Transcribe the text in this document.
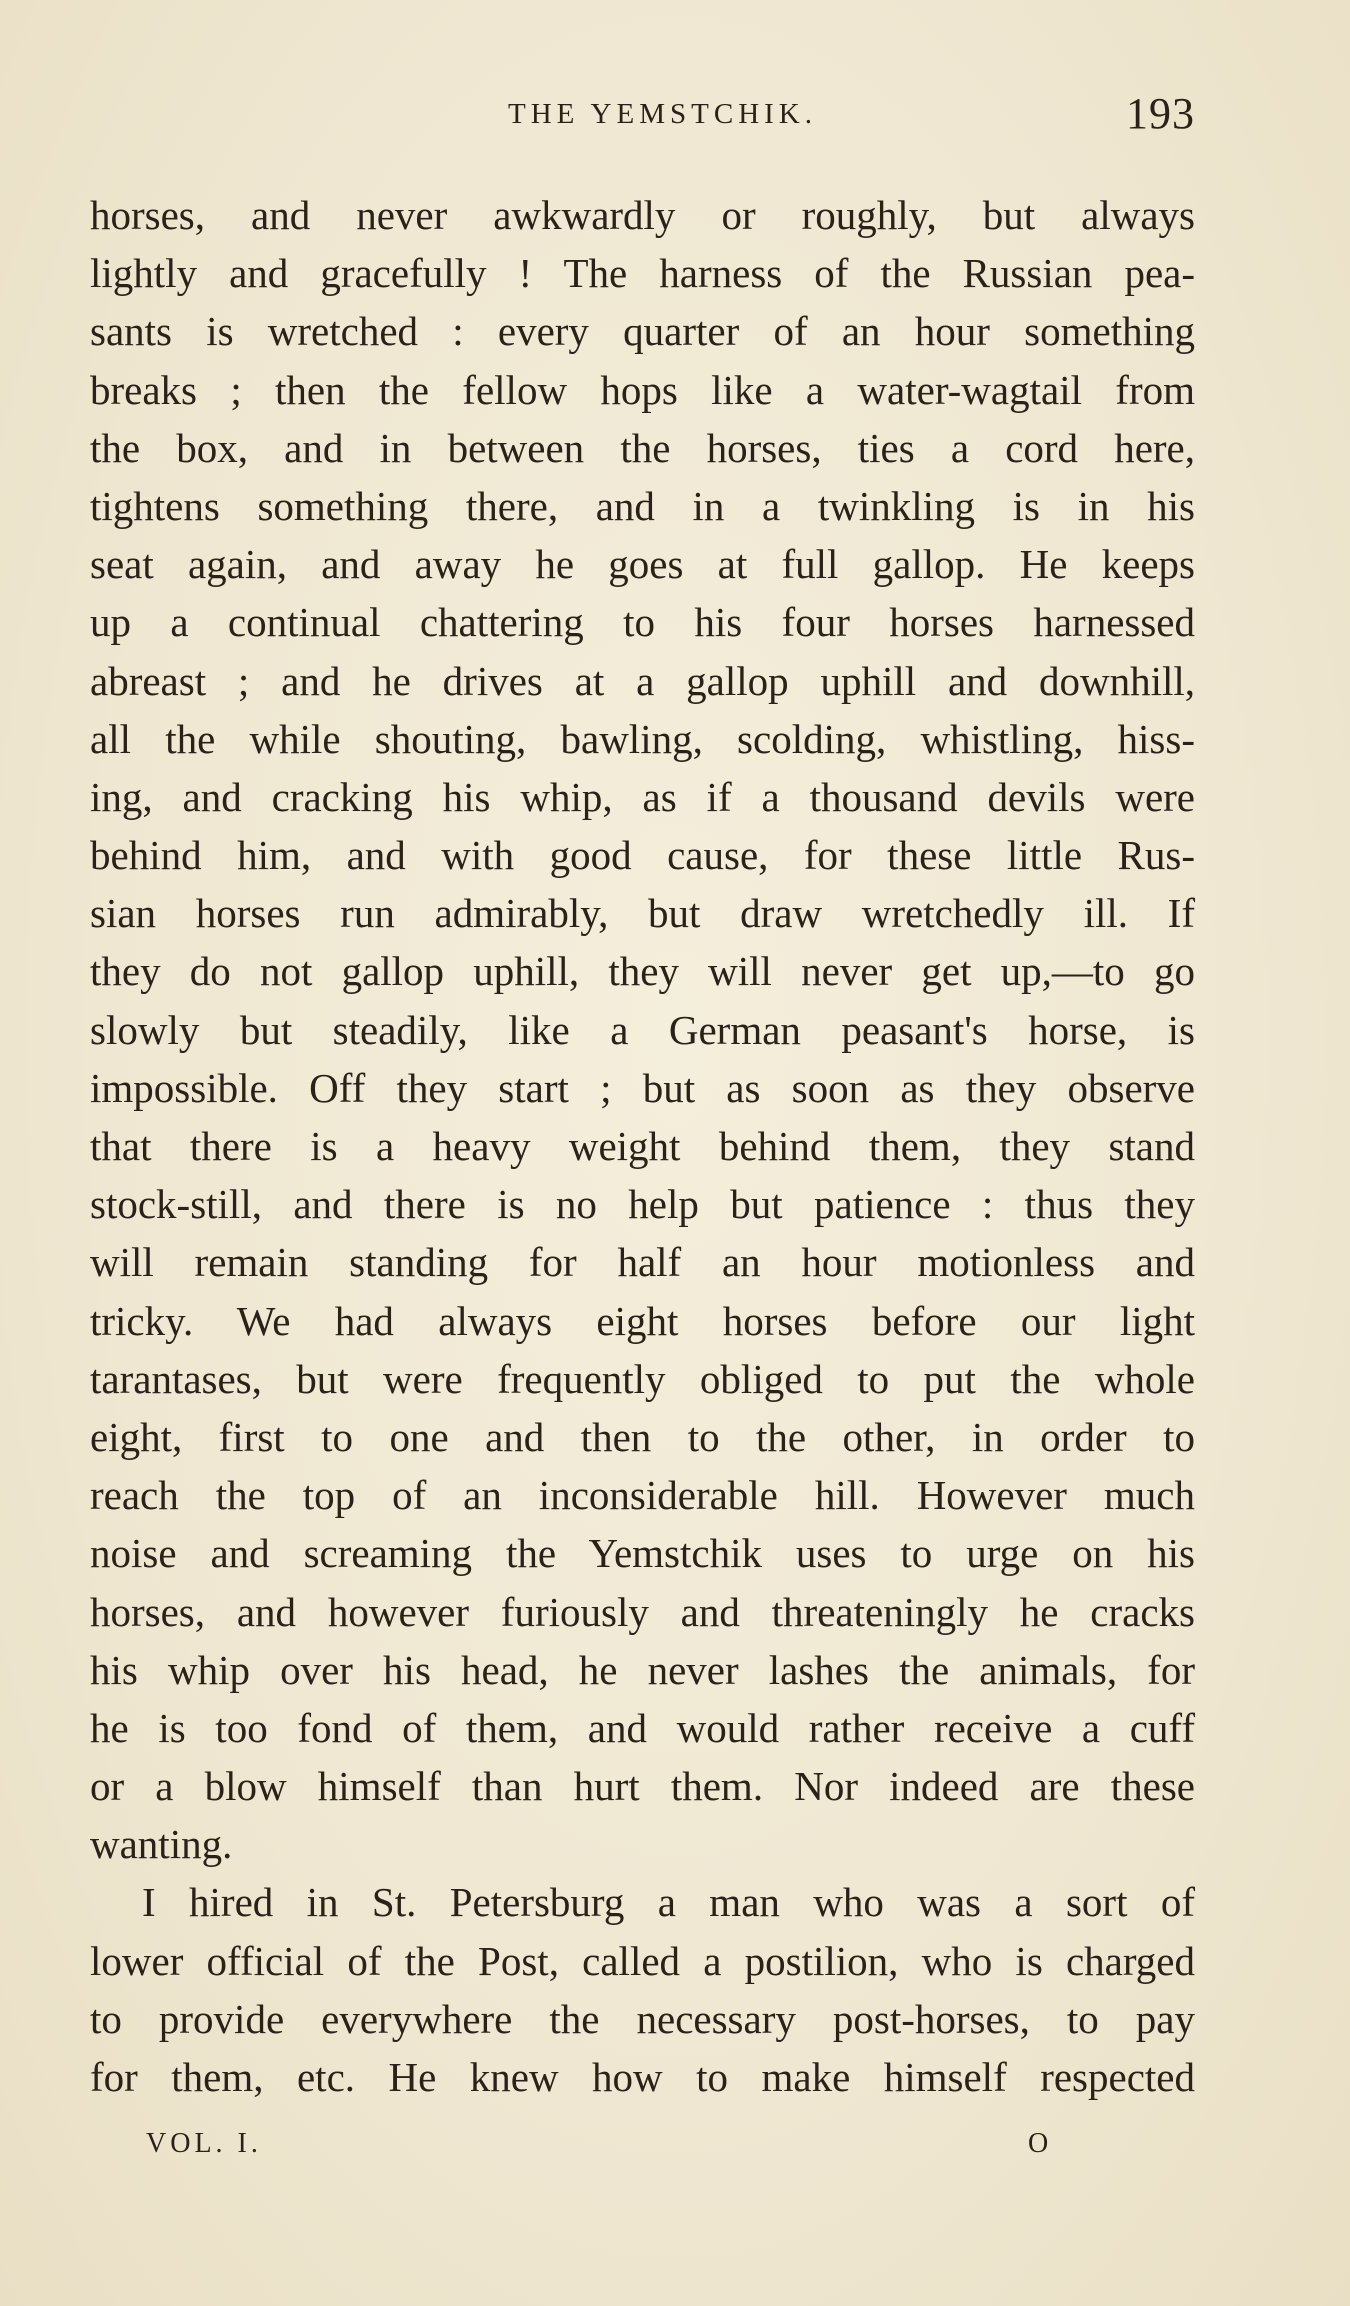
THE YEMSTCHIK.	193
horses, and never awkwardly or roughly, but always
lightly and gracefully ! The harness of the Russian pea-
sants is wretched : every quarter of an hour something
breaks ; then the fellow hops like a water-wagtail from
the box, and in between the horses, ties a cord here,
tightens something there, and in a twinkling is in his
seat again, and away he goes at full gallop. He keeps
up a continual chattering to his four horses harnessed
abreast ; and he drives at a gallop uphill and downhill,
all the while shouting, bawling, scolding, whistling, hiss-
ing, and cracking his whip, as if a thousand devils were
behind him, and with good cause, for these little Rus-
sian horses run admirably, but draw wretchedly ill. If
they do not gallop uphill, they will never get up,—to go
slowly but steadily, like a German peasant's horse, is
impossible. Off they start ; but as soon as they observe
that there is a heavy weight behind them, they stand
stock-still, and there is no help but patience : thus they
will remain standing for half an hour motionless and
tricky. We had always eight horses before our light
tarantases, but were frequently obliged to put the whole
eight, first to one and then to the other, in order to
reach the top of an inconsiderable hill. However much
noise and screaming the Yemstchik uses to urge on his
horses, and however furiously and threateningly he cracks
his whip over his head, he never lashes the animals, for
he is too fond of them, and would rather receive a cuff
or a blow himself than hurt them. Nor indeed are these
wanting.
I hired in St. Petersburg a man who was a sort of
lower official of the Post, called a postilion, who is charged
to provide everywhere the necessary post-horses, to pay
for them, etc. He knew how to make himself respected
VOL. I.	O
